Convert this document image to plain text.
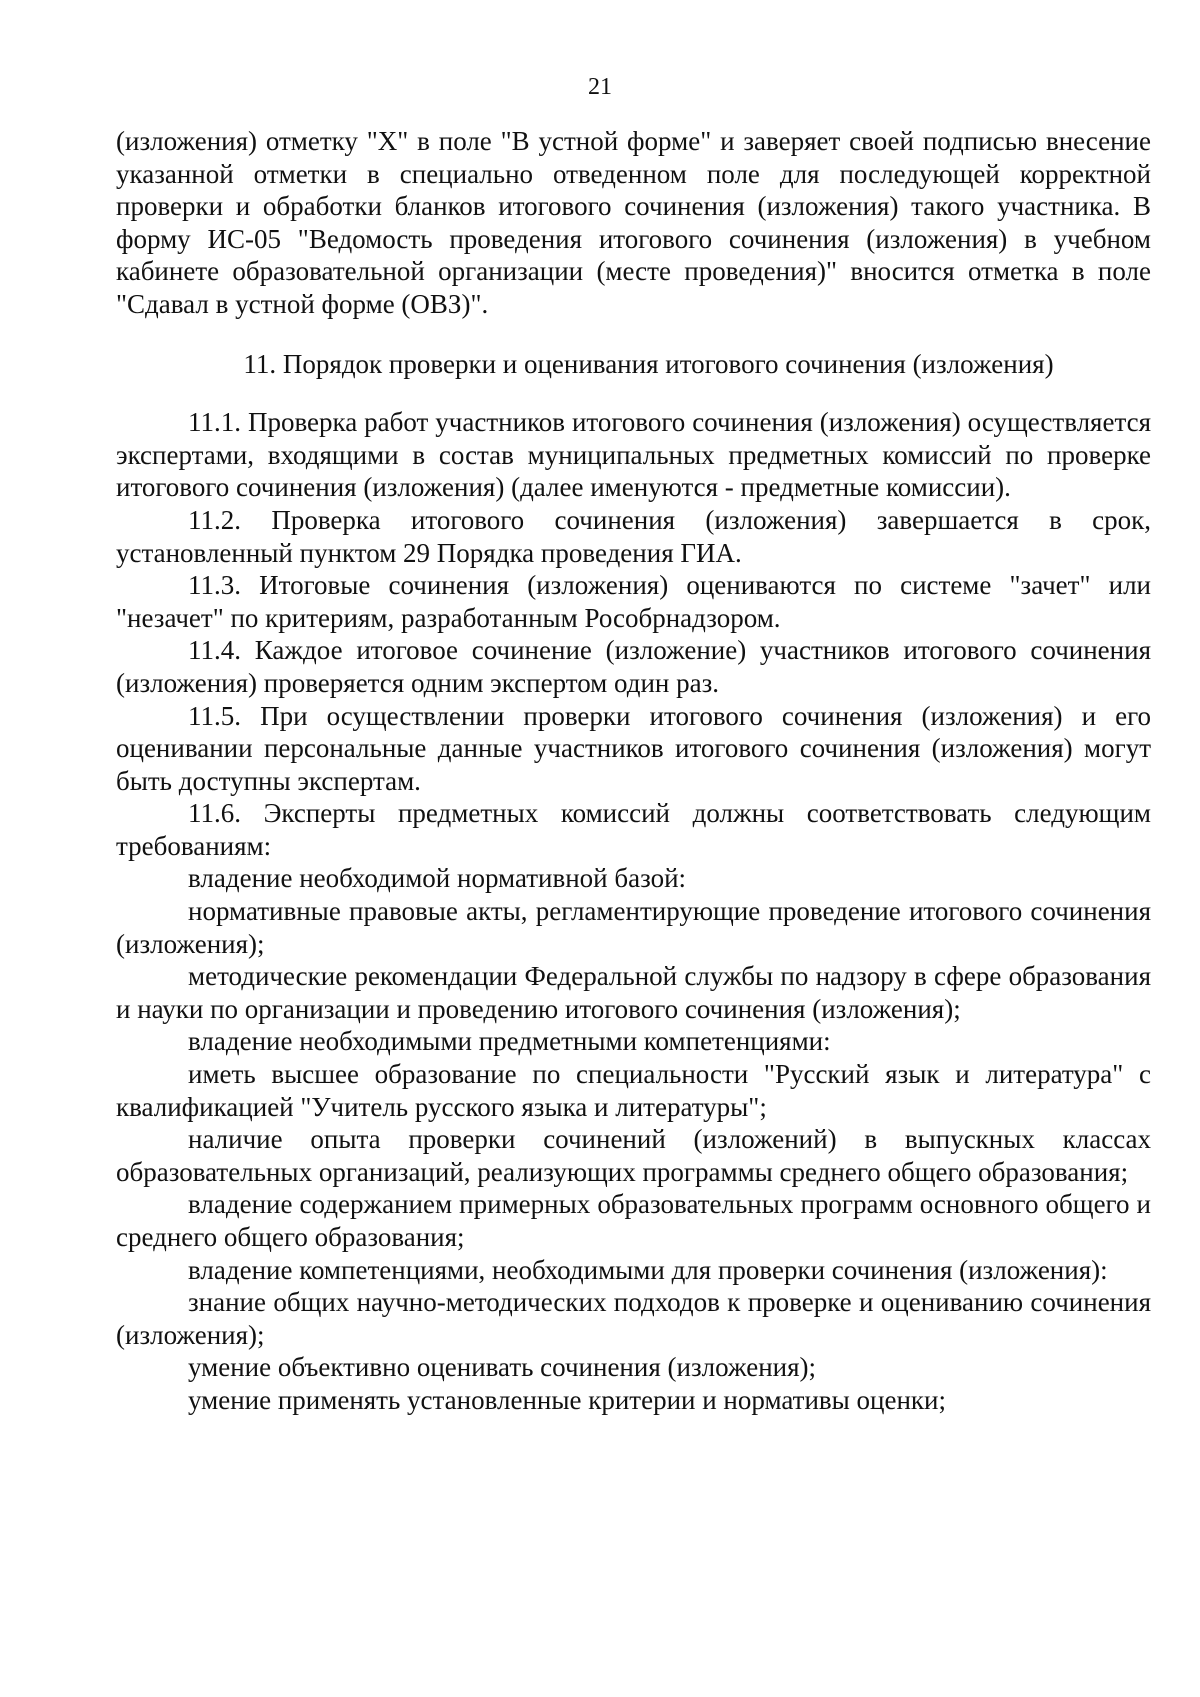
21

(изложения) отметку "Х" в поле "В устной форме" и заверяет своей подписью внесение указанной отметки в специально отведенном поле для последующей корректной проверки и обработки бланков итогового сочинения (изложения) такого участника. В форму ИС-05 "Ведомость проведения итогового сочинения (изложения) в учебном кабинете образовательной организации (месте проведения)" вносится отметка в поле "Сдавал в устной форме (ОВЗ)".

11. Порядок проверки и оценивания итогового сочинения (изложения)

11.1. Проверка работ участников итогового сочинения (изложения) осуществляется экспертами, входящими в состав муниципальных предметных комиссий по проверке итогового сочинения (изложения) (далее именуются - предметные комиссии).

11.2. Проверка итогового сочинения (изложения) завершается в срок, установленный пунктом 29 Порядка проведения ГИА.

11.3. Итоговые сочинения (изложения) оцениваются по системе "зачет" или "незачет" по критериям, разработанным Рособрнадзором.

11.4. Каждое итоговое сочинение (изложение) участников итогового сочинения (изложения) проверяется одним экспертом один раз.

11.5. При осуществлении проверки итогового сочинения (изложения) и его оценивании персональные данные участников итогового сочинения (изложения) могут быть доступны экспертам.

11.6. Эксперты предметных комиссий должны соответствовать следующим требованиям:

владение необходимой нормативной базой:

нормативные правовые акты, регламентирующие проведение итогового сочинения (изложения);

методические рекомендации Федеральной службы по надзору в сфере образования и науки по организации и проведению итогового сочинения (изложения);

владение необходимыми предметными компетенциями:

иметь высшее образование по специальности "Русский язык и литература" с квалификацией "Учитель русского языка и литературы";

наличие опыта проверки сочинений (изложений) в выпускных классах образовательных организаций, реализующих программы среднего общего образования;

владение содержанием примерных образовательных программ основного общего и среднего общего образования;

владение компетенциями, необходимыми для проверки сочинения (изложения):

знание общих научно-методических подходов к проверке и оцениванию сочинения (изложения);

умение объективно оценивать сочинения (изложения);

умение применять установленные критерии и нормативы оценки;
